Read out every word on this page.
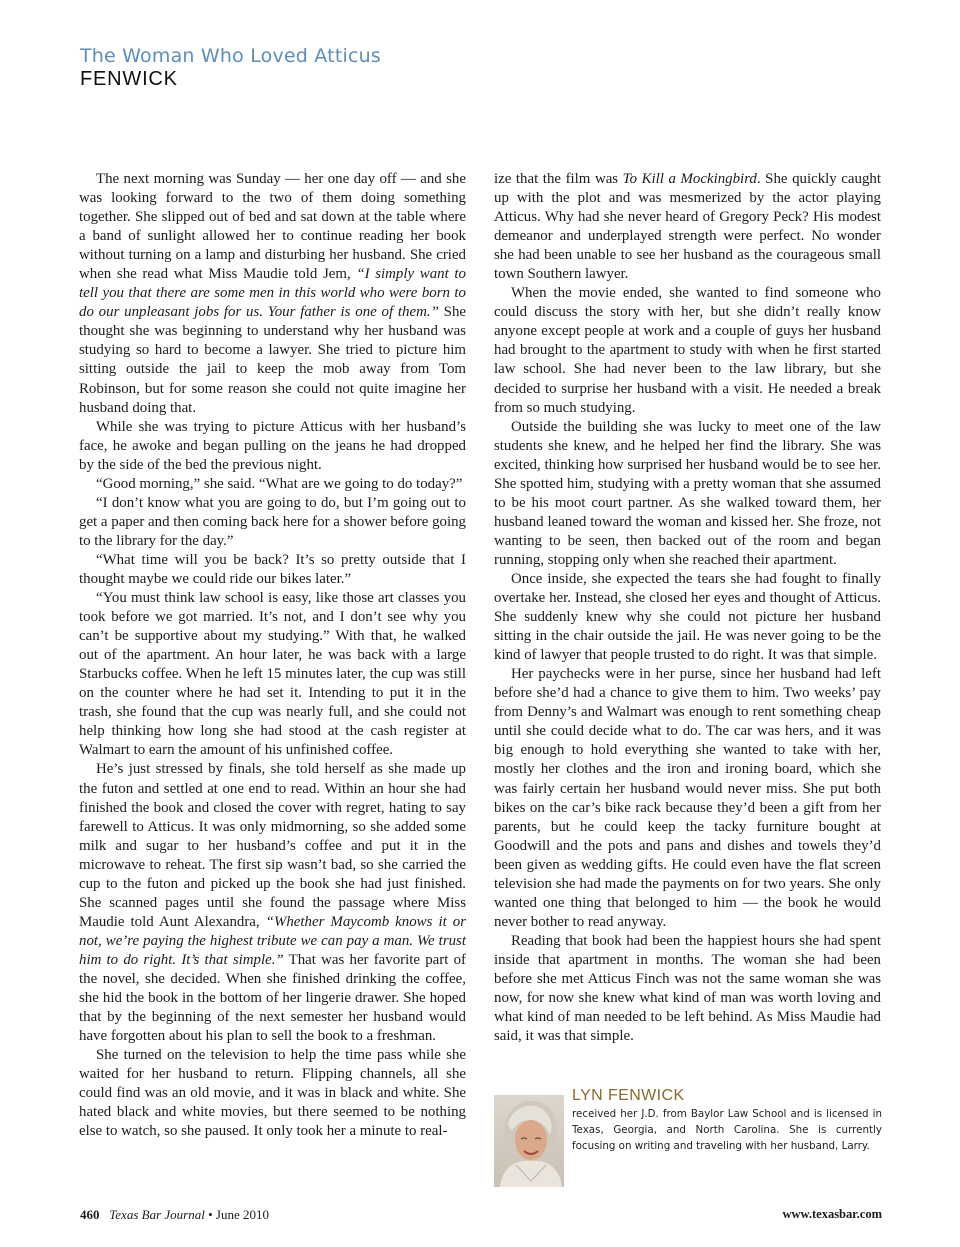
The Woman Who Loved Atticus
FENWICK

The next morning was Sunday — her one day off — and she was looking forward to the two of them doing something together. She slipped out of bed and sat down at the table where a band of sunlight allowed her to continue reading her book without turning on a lamp and disturbing her husband. She cried when she read what Miss Maudie told Jem, “I simply want to tell you that there are some men in this world who were born to do our unpleasant jobs for us. Your father is one of them.” She thought she was beginning to understand why her husband was studying so hard to become a lawyer. She tried to picture him sitting outside the jail to keep the mob away from Tom Robinson, but for some reason she could not quite imagine her husband doing that.

While she was trying to picture Atticus with her husband’s face, he awoke and began pulling on the jeans he had dropped by the side of the bed the previous night.

“Good morning,” she said. “What are we going to do today?”

“I don’t know what you are going to do, but I’m going out to get a paper and then coming back here for a shower before going to the library for the day.”

“What time will you be back? It’s so pretty outside that I thought maybe we could ride our bikes later.”

“You must think law school is easy, like those art classes you took before we got married. It’s not, and I don’t see why you can’t be supportive about my studying.” With that, he walked out of the apartment. An hour later, he was back with a large Starbucks coffee. When he left 15 minutes later, the cup was still on the counter where he had set it. Intending to put it in the trash, she found that the cup was nearly full, and she could not help thinking how long she had stood at the cash register at Walmart to earn the amount of his unfinished coffee.

He’s just stressed by finals, she told herself as she made up the futon and settled at one end to read. Within an hour she had finished the book and closed the cover with regret, hating to say farewell to Atticus. It was only midmorning, so she added some milk and sugar to her husband’s coffee and put it in the microwave to reheat. The first sip wasn’t bad, so she carried the cup to the futon and picked up the book she had just finished. She scanned pages until she found the passage where Miss Maudie told Aunt Alexandra, “Whether Maycomb knows it or not, we’re paying the highest tribute we can pay a man. We trust him to do right. It’s that simple.” That was her favorite part of the novel, she decided. When she finished drinking the coffee, she hid the book in the bottom of her lingerie drawer. She hoped that by the beginning of the next semester her husband would have forgotten about his plan to sell the book to a freshman.

She turned on the television to help the time pass while she waited for her husband to return. Flipping channels, all she could find was an old movie, and it was in black and white. She hated black and white movies, but there seemed to be nothing else to watch, so she paused. It only took her a minute to real-

ize that the film was To Kill a Mockingbird. She quickly caught up with the plot and was mesmerized by the actor playing Atticus. Why had she never heard of Gregory Peck? His modest demeanor and underplayed strength were perfect. No wonder she had been unable to see her husband as the courageous small town Southern lawyer.

When the movie ended, she wanted to find someone who could discuss the story with her, but she didn’t really know anyone except people at work and a couple of guys her husband had brought to the apartment to study with when he first started law school. She had never been to the law library, but she decided to surprise her husband with a visit. He needed a break from so much studying.

Outside the building she was lucky to meet one of the law students she knew, and he helped her find the library. She was excited, thinking how surprised her husband would be to see her. She spotted him, studying with a pretty woman that she assumed to be his moot court partner. As she walked toward them, her husband leaned toward the woman and kissed her. She froze, not wanting to be seen, then backed out of the room and began running, stopping only when she reached their apartment.

Once inside, she expected the tears she had fought to finally overtake her. Instead, she closed her eyes and thought of Atticus. She suddenly knew why she could not picture her husband sitting in the chair outside the jail. He was never going to be the kind of lawyer that people trusted to do right. It was that simple.

Her paychecks were in her purse, since her husband had left before she’d had a chance to give them to him. Two weeks’ pay from Denny’s and Walmart was enough to rent something cheap until she could decide what to do. The car was hers, and it was big enough to hold everything she wanted to take with her, mostly her clothes and the iron and ironing board, which she was fairly certain her husband would never miss. She put both bikes on the car’s bike rack because they’d been a gift from her parents, but he could keep the tacky furniture bought at Goodwill and the pots and pans and dishes and towels they’d been given as wedding gifts. He could even have the flat screen television she had made the payments on for two years. She only wanted one thing that belonged to him — the book he would never bother to read anyway.

Reading that book had been the happiest hours she had spent inside that apartment in months. The woman she had been before she met Atticus Finch was not the same woman she was now, for now she knew what kind of man was worth loving and what kind of man needed to be left behind. As Miss Maudie had said, it was that simple.

LYN FENWICK
received her J.D. from Baylor Law School and is licensed in Texas, Georgia, and North Carolina. She is currently focusing on writing and traveling with her husband, Larry.
460 Texas Bar Journal • June 2010	www.texasbar.com
